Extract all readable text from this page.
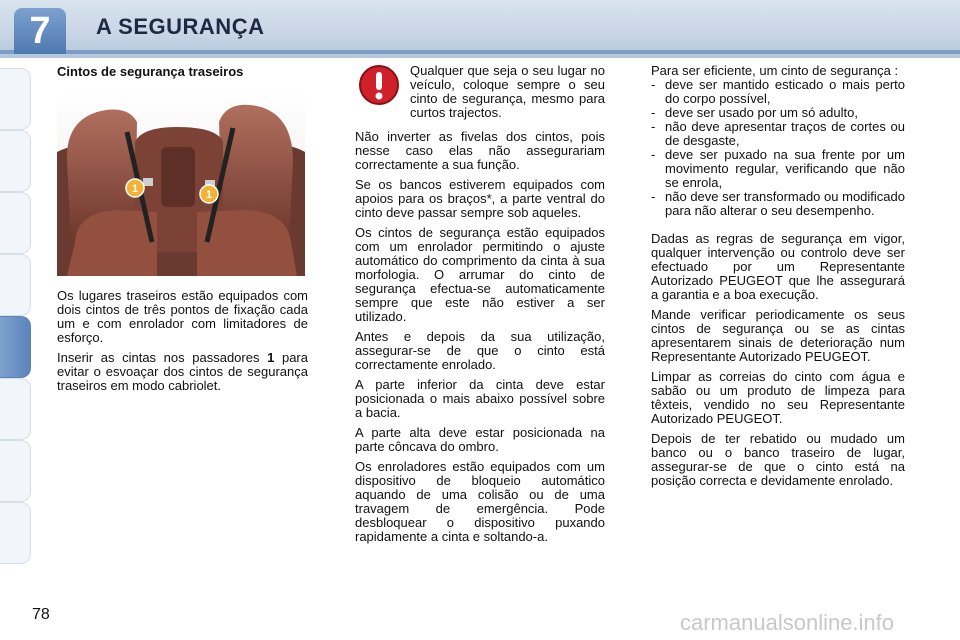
7	A SEGURANÇA
Cintos de segurança traseiros
1	1

Os lugares traseiros estão equipados com dois cintos de três pontos de fixação cada um e com enrolador com limitadores de esforço.

Inserir as cintas nos passadores 1 para evitar o esvoaçar dos cintos de segurança traseiros em modo cabriolet.

Qualquer que seja o seu lugar no veículo, coloque sempre o seu cinto de segurança, mesmo para curtos trajectos.

Não inverter as fivelas dos cintos, pois nesse caso elas não assegurariam correctamente a sua função.

Se os bancos estiverem equipados com apoios para os braços*, a parte ventral do cinto deve passar sempre sob aqueles.

Os cintos de segurança estão equipados com um enrolador permitindo o ajuste automático do comprimento da cinta à sua morfologia. O arrumar do cinto de segurança efectua-se automaticamente sempre que este não estiver a ser utilizado.

Antes e depois da sua utilização, assegurar-se de que o cinto está correctamente enrolado.

A parte inferior da cinta deve estar posicionada o mais abaixo possível sobre a bacia.

A parte alta deve estar posicionada na parte côncava do ombro.

Os enroladores estão equipados com um dispositivo de bloqueio automático aquando de uma colisão ou de uma travagem de emergência. Pode desbloquear o dispositivo puxando rapidamente a cinta e soltando-a.

Para ser eficiente, um cinto de segurança :

- deve ser mantido esticado o mais perto do corpo possível,
- deve ser usado por um só adulto,
- não deve apresentar traços de cortes ou de desgaste,
- deve ser puxado na sua frente por um movimento regular, verificando que não se enrola,
- não deve ser transformado ou modificado para não alterar o seu desempenho.

Dadas as regras de segurança em vigor, qualquer intervenção ou controlo deve ser efectuado por um Representante Autorizado PEUGEOT que lhe assegurará a garantia e a boa execução.

Mande verificar periodicamente os seus cintos de segurança ou se as cintas apresentarem sinais de deterioração num Representante Autorizado PEUGEOT.

Limpar as correias do cinto com água e sabão ou um produto de limpeza para têxteis, vendido no seu Representante Autorizado PEUGEOT.

Depois de ter rebatido ou mudado um banco ou o banco traseiro de lugar, assegurar-se de que o cinto está na posição correcta e devidamente enrolado.

78	carmanualsonline.info
